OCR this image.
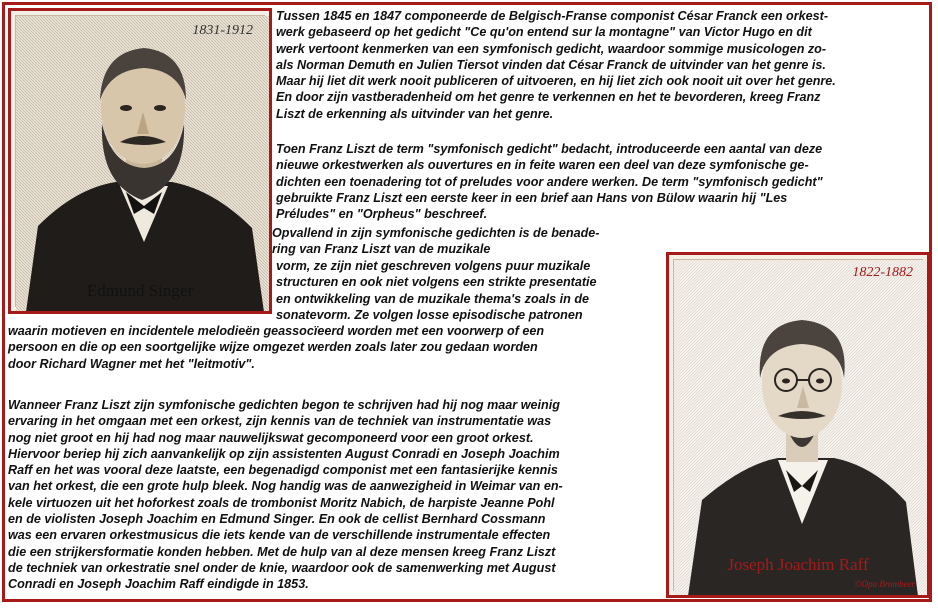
1831-1912
Edmund Singer
1822-1882
Joseph Joachim Raff
©Opa Brombeer
Tussen 1845 en 1847 componeerde de Belgisch-Franse componist César Franck een orkest-
werk gebaseerd op het gedicht "Ce qu'on entend sur la montagne" van Victor Hugo en dit
werk vertoont kenmerken van een symfonisch gedicht, waardoor sommige musicologen zo-
als Norman Demuth en Julien Tiersot vinden dat César Franck de uitvinder van het genre is.
Maar hij liet dit werk nooit publiceren of uitvoeren, en hij liet zich ook nooit uit over het genre.
En door zijn vastberadenheid om het genre te verkennen en het te bevorderen, kreeg Franz
Liszt de erkenning als uitvinder van het genre.
Toen Franz Liszt de term "symfonisch gedicht" bedacht, introduceerde een aantal van deze
nieuwe orkestwerken als ouvertures en in feite waren een deel van deze symfonische ge-
dichten een toenadering tot of preludes voor andere werken. De term "symfonisch gedicht"
gebruikte Franz Liszt een eerste keer in een brief aan Hans von Bülow waarin hij "Les
Préludes" en "Orpheus" beschreef.
Opvallend in zijn symfonische gedichten is de benade-
ring van Franz Liszt van de muzikale
vorm, ze zijn niet geschreven volgens puur muzikale
structuren en ook niet volgens een strikte presentatie
en ontwikkeling van de muzikale thema's zoals in de
sonatevorm. Ze volgen losse episodische patronen
waarin motieven en incidentele melodieën geassocïeerd worden met een voorwerp of een
persoon en die op een soortgelijke wijze omgezet werden zoals later zou gedaan worden
door Richard Wagner met het "leitmotiv".
Wanneer Franz Liszt zijn symfonische gedichten begon te schrijven had hij nog maar weinig
ervaring in het omgaan met een orkest, zijn kennis van de techniek van instrumentatie was
nog niet groot en hij had nog maar nauwelijkswat gecomponeerd voor een groot orkest.
Hiervoor beriep hij zich aanvankelijk op zijn assistenten August Conradi en Joseph Joachim
Raff en het was vooral deze laatste, een begenadigd componist met een fantasierijke kennis
van het orkest, die een grote hulp bleek. Nog handig was de aanwezigheid in Weimar van en-
kele virtuozen uit het hoforkest zoals de trombonist Moritz Nabich, de harpiste Jeanne Pohl
en de violisten Joseph Joachim en Edmund Singer. En ook de cellist Bernhard Cossmann
was een ervaren orkestmusicus die iets kende van de verschillende instrumentale effecten
die een strijkersformatie konden hebben. Met de hulp van al deze mensen kreeg Franz Liszt
de techniek van orkestratie snel onder de knie, waardoor ook de samenwerking met August
Conradi en Joseph Joachim Raff eindigde in 1853.
